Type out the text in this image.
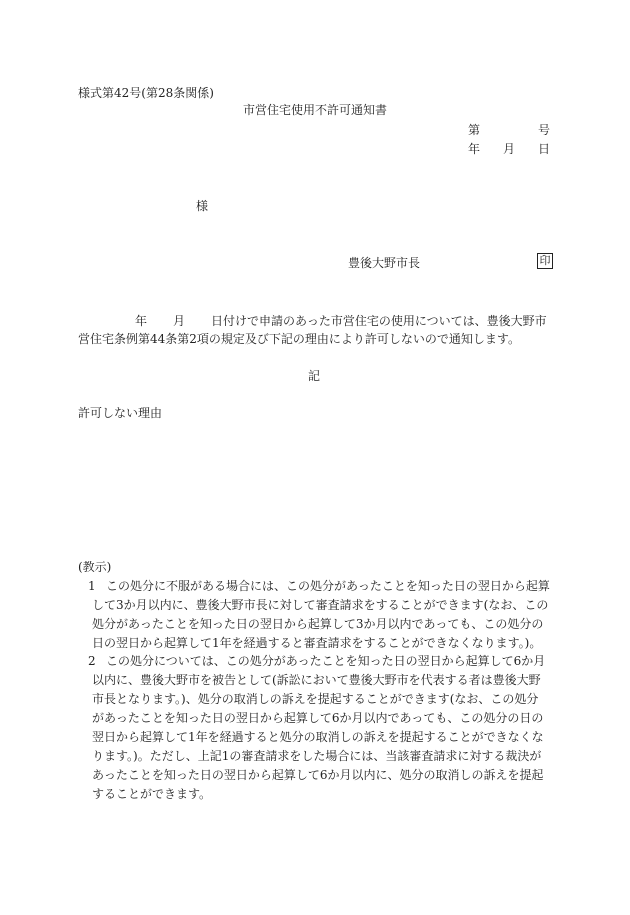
様式第42号(第28条関係)
市営住宅使用不許可通知書
第	号
年 月 日
様
豊後大野市長	印
年 月 日付けで申請のあった市営住宅の使用については、豊後大野市営住宅条例第44条第2項の規定及び下記の理由により許可しないので通知します。
記
許可しない理由
(教示)
1 この処分に不服がある場合には、この処分があったことを知った日の翌日から起算して3か月以内に、豊後大野市長に対して審査請求をすることができます(なお、この処分があったことを知った日の翌日から起算して3か月以内であっても、この処分の日の翌日から起算して1年を経過すると審査請求をすることができなくなります。)。
2 この処分については、この処分があったことを知った日の翌日から起算して6か月以内に、豊後大野市を被告として(訴訟において豊後大野市を代表する者は豊後大野市長となります。)、処分の取消しの訴えを提起することができます(なお、この処分があったことを知った日の翌日から起算して6か月以内であっても、この処分の日の翌日から起算して1年を経過すると処分の取消しの訴えを提起することができなくなります。)。ただし、上記1の審査請求をした場合には、当該審査請求に対する裁決があったことを知った日の翌日から起算して6か月以内に、処分の取消しの訴えを提起することができます。
